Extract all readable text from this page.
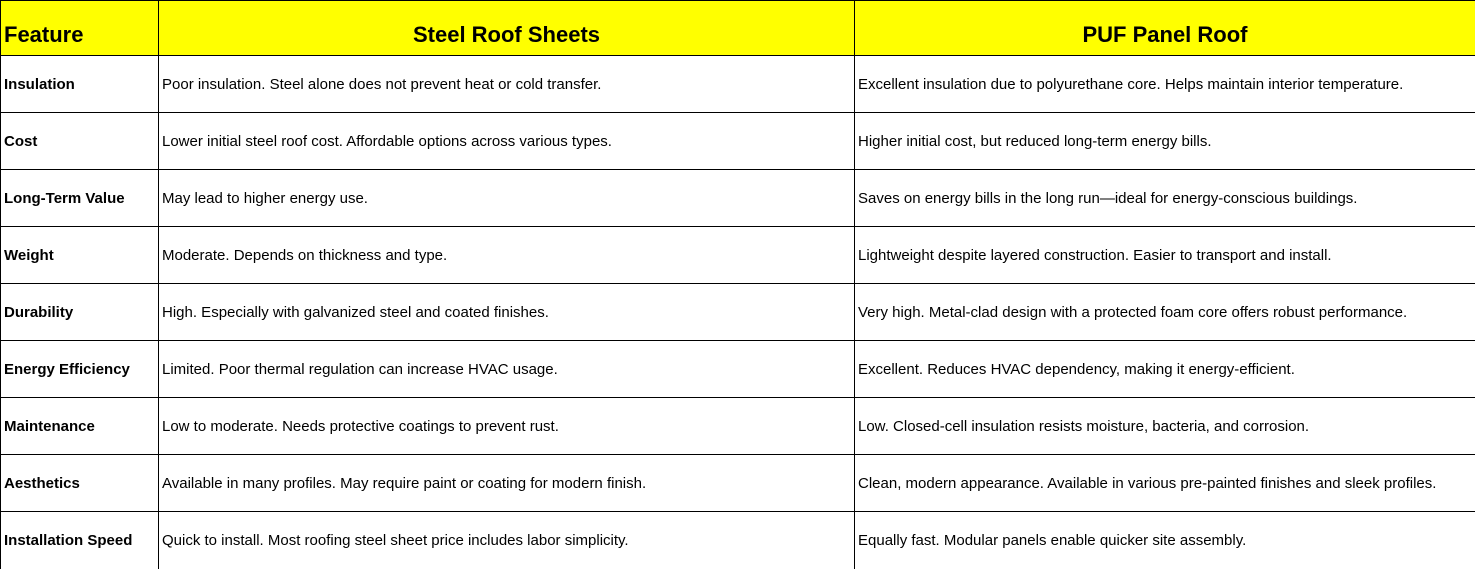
Feature	Steel Roof Sheets	PUF Panel Roof
Insulation	Poor insulation. Steel alone does not prevent heat or cold transfer.	Excellent insulation due to polyurethane core. Helps maintain interior temperature.
Cost	Lower initial steel roof cost. Affordable options across various types.	Higher initial cost, but reduced long-term energy bills.
Long-Term Value	May lead to higher energy use.	Saves on energy bills in the long run—ideal for energy-conscious buildings.
Weight	Moderate. Depends on thickness and type.	Lightweight despite layered construction. Easier to transport and install.
Durability	High. Especially with galvanized steel and coated finishes.	Very high. Metal-clad design with a protected foam core offers robust performance.
Energy Efficiency	Limited. Poor thermal regulation can increase HVAC usage.	Excellent. Reduces HVAC dependency, making it energy-efficient.
Maintenance	Low to moderate. Needs protective coatings to prevent rust.	Low. Closed-cell insulation resists moisture, bacteria, and corrosion.
Aesthetics	Available in many profiles. May require paint or coating for modern finish.	Clean, modern appearance. Available in various pre-painted finishes and sleek profiles.
Installation Speed	Quick to install. Most roofing steel sheet price includes labor simplicity.	Equally fast. Modular panels enable quicker site assembly.
